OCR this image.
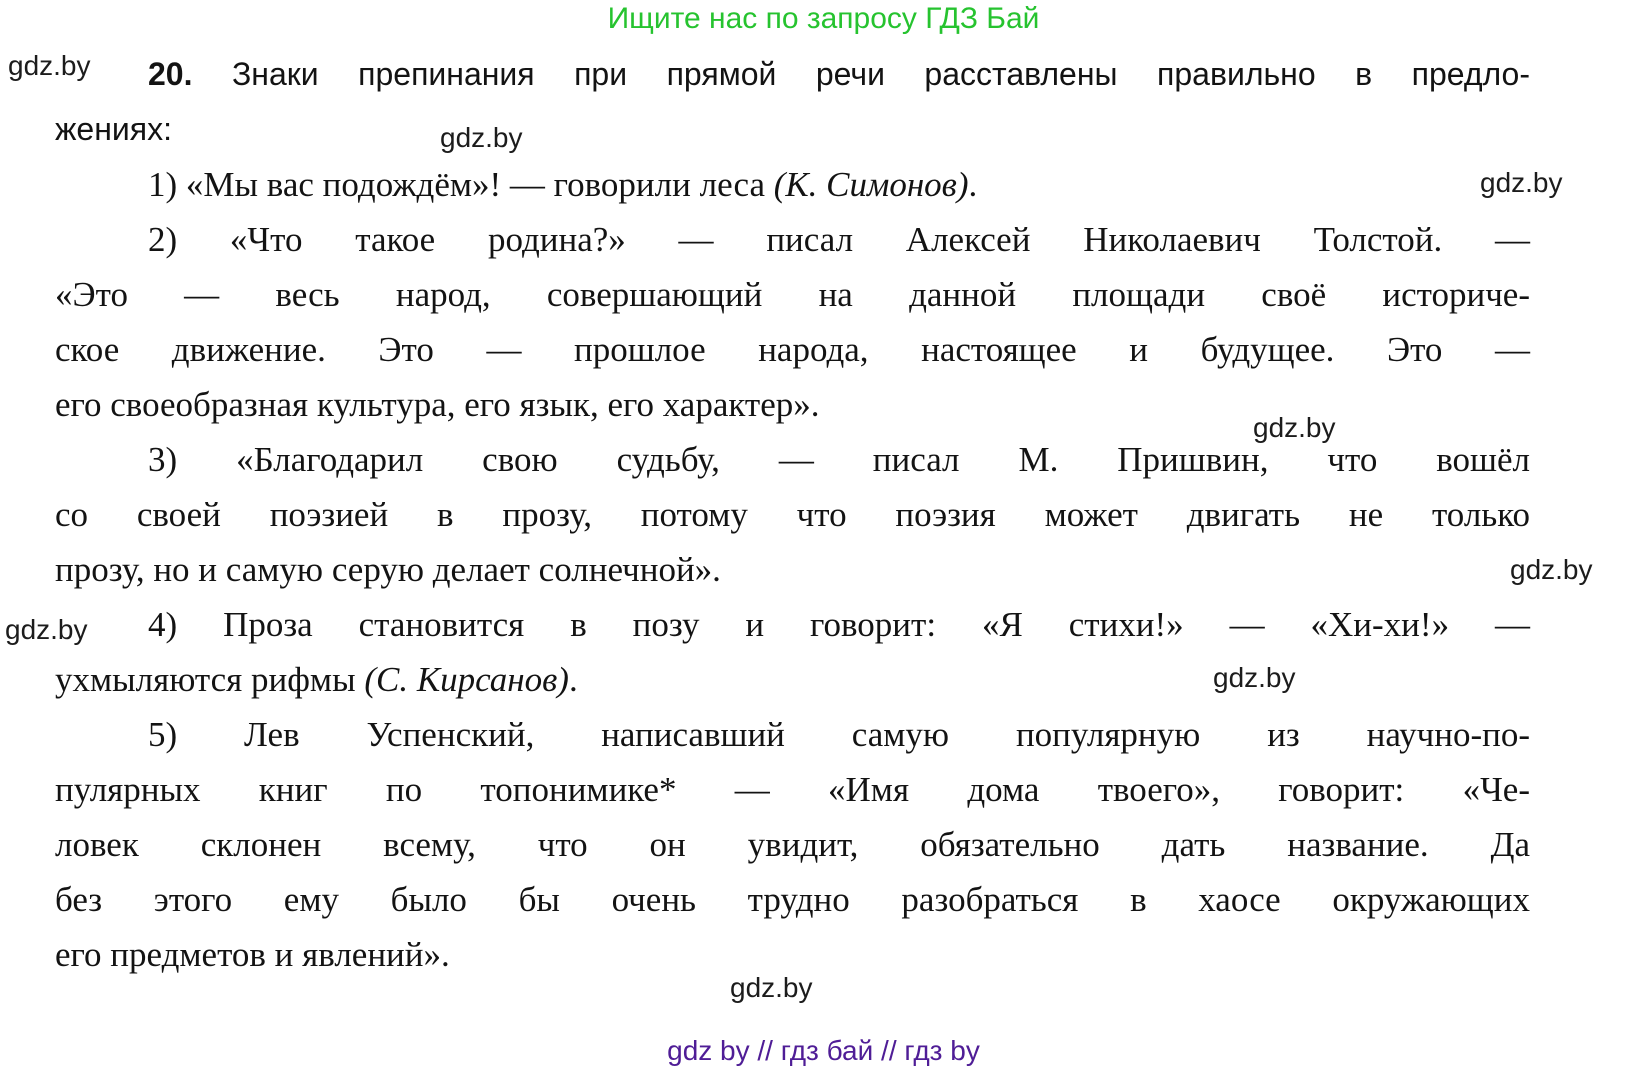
Ищите нас по запросу ГДЗ Бай
20. Знаки препинания при прямой речи расставлены правильно в предло-
жениях:
1) «Мы вас подождём»! — говорили леса (К. Симонов).
2) «Что такое родина?» — писал Алексей Николаевич Толстой. —
«Это — весь народ, совершающий на данной площади своё историче-
ское движение. Это — прошлое народа, настоящее и будущее. Это —
его своеобразная культура, его язык, его характер».
3) «Благодарил свою судьбу, — писал М. Пришвин, что вошёл
со своей поэзией в прозу, потому что поэзия может двигать не только
прозу, но и самую серую делает солнечной».
4) Проза становится в позу и говорит: «Я стихи!» — «Хи-хи!» —
ухмыляются рифмы (С. Кирсанов).
5) Лев Успенский, написавший самую популярную из научно-по-
пулярных книг по топонимике* — «Имя дома твоего», говорит: «Че-
ловек склонен всему, что он увидит, обязательно дать название. Да
без этого ему было бы очень трудно разобраться в хаосе окружающих
его предметов и явлений».
gdz.by
gdz.by
gdz.by
gdz.by
gdz.by
gdz.by
gdz.by
gdz.by
gdz by // гдз бай // гдз by
